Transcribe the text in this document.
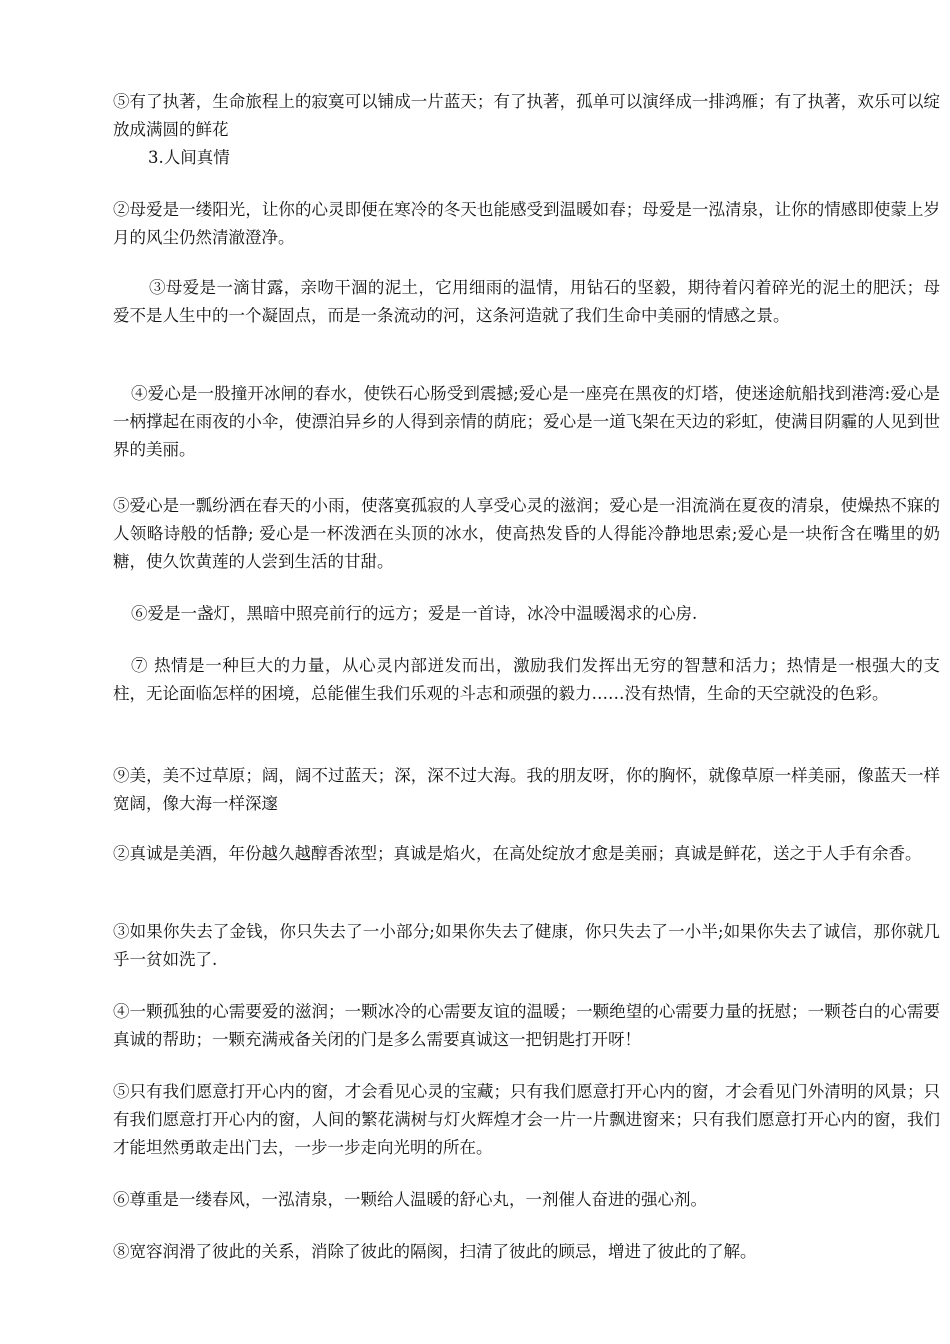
⑤有了执著，生命旅程上的寂寞可以铺成一片蓝天；有了执著，孤单可以演绎成一排鸿雁；有了执著，欢乐可以绽放成满圆的鲜花

3.人间真情

②母爱是一缕阳光，让你的心灵即便在寒冷的冬天也能感受到温暖如春；母爱是一泓清泉，让你的情感即使蒙上岁月的风尘仍然清澈澄净。

③母爱是一滴甘露，亲吻干涸的泥土，它用细雨的温情，用钻石的坚毅，期待着闪着碎光的泥土的肥沃；母爱不是人生中的一个凝固点，而是一条流动的河，这条河造就了我们生命中美丽的情感之景。

④爱心是一股撞开冰闸的春水，使铁石心肠受到震撼;爱心是一座亮在黑夜的灯塔，使迷途航船找到港湾:爱心是一柄撑起在雨夜的小伞，使漂泊异乡的人得到亲情的荫庇；爱心是一道飞架在天边的彩虹，使满目阴霾的人见到世界的美丽。

⑤爱心是一瓢纷洒在春天的小雨，使落寞孤寂的人享受心灵的滋润；爱心是一泪流淌在夏夜的清泉，使燥热不寐的人领略诗般的恬静; 爱心是一杯泼洒在头顶的冰水，使高热发昏的人得能冷静地思索;爱心是一块衔含在嘴里的奶糖，使久饮黄莲的人尝到生活的甘甜。

⑥爱是一盏灯，黑暗中照亮前行的远方；爱是一首诗，冰冷中温暖渴求的心房.

⑦ 热情是一种巨大的力量，从心灵内部迸发而出，激励我们发挥出无穷的智慧和活力；热情是一根强大的支柱，无论面临怎样的困境，总能催生我们乐观的斗志和顽强的毅力……没有热情，生命的天空就没的色彩。

⑨美，美不过草原；阔，阔不过蓝天；深，深不过大海。我的朋友呀，你的胸怀，就像草原一样美丽，像蓝天一样宽阔，像大海一样深邃

②真诚是美酒，年份越久越醇香浓型；真诚是焰火，在高处绽放才愈是美丽；真诚是鲜花，送之于人手有余香。

③如果你失去了金钱，你只失去了一小部分;如果你失去了健康，你只失去了一小半;如果你失去了诚信，那你就几乎一贫如洗了.

④一颗孤独的心需要爱的滋润；一颗冰冷的心需要友谊的温暖；一颗绝望的心需要力量的抚慰；一颗苍白的心需要真诚的帮助；一颗充满戒备关闭的门是多么需要真诚这一把钥匙打开呀！

⑤只有我们愿意打开心内的窗，才会看见心灵的宝藏；只有我们愿意打开心内的窗，才会看见门外清明的风景；只有我们愿意打开心内的窗，人间的繁花满树与灯火辉煌才会一片一片飘进窗来；只有我们愿意打开心内的窗，我们才能坦然勇敢走出门去，一步一步走向光明的所在。

⑥尊重是一缕春风，一泓清泉，一颗给人温暖的舒心丸，一剂催人奋进的强心剂。

⑧宽容润滑了彼此的关系，消除了彼此的隔阂，扫清了彼此的顾忌，增进了彼此的了解。
